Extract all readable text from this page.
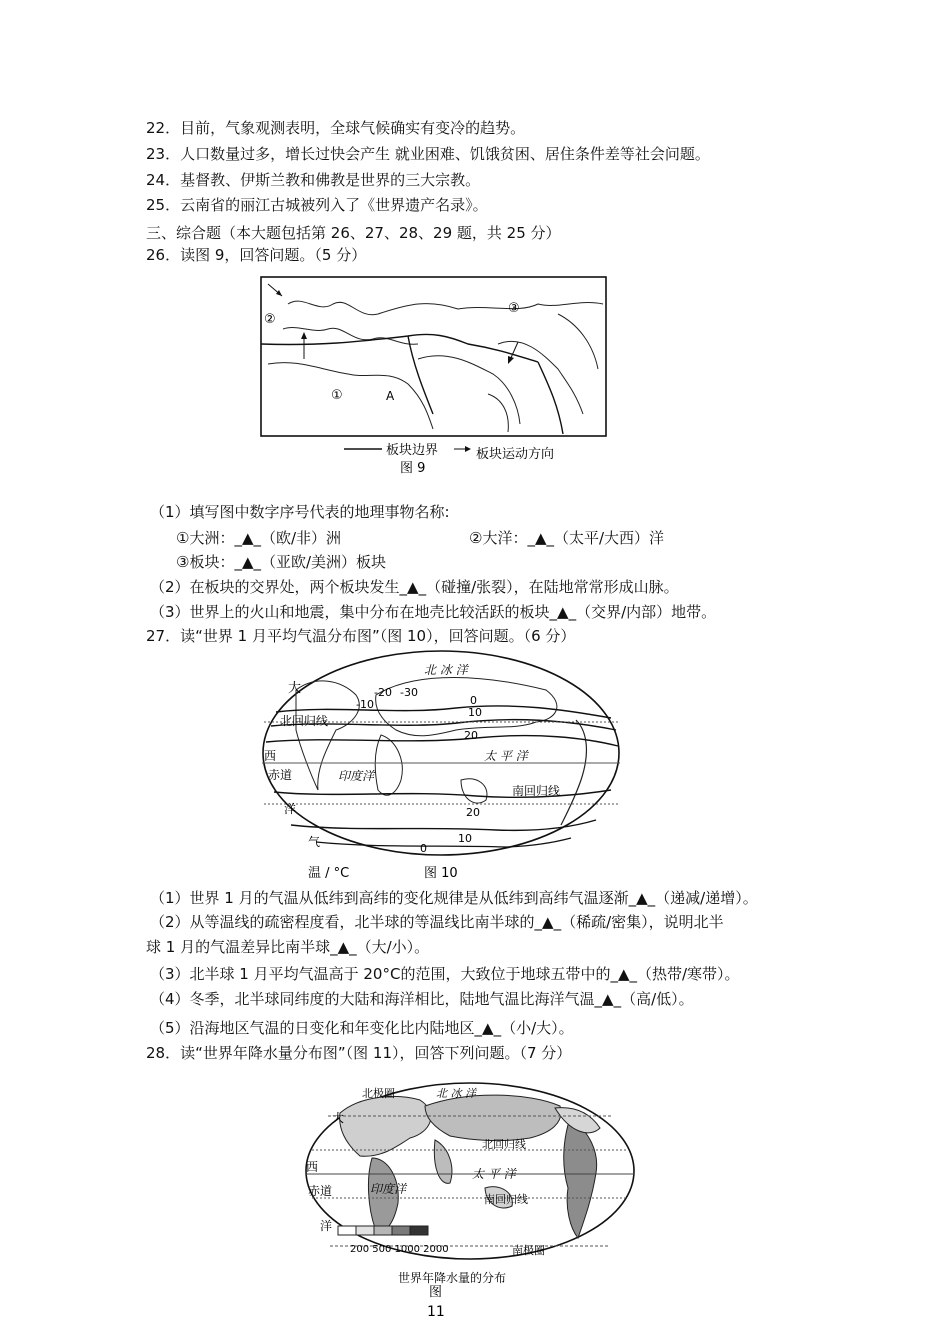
22．目前，气象观测表明，全球气候确实有变冷的趋势。
23．人口数量过多，增长过快会产生 就业困难、饥饿贫困、居住条件差等社会问题。
24．基督教、伊斯兰教和佛教是世界的三大宗教。
25．云南省的丽江古城被列入了《世界遗产名录》。
三、综合题（本大题包括第 26、27、28、29 题，共 25 分）
26．读图 9，回答问题。（5 分）
②
③
①	A
板块边界	板块运动方向
图 9
（1）填写图中数字序号代表的地理事物名称:
①大洲：_▲_（欧/非）洲	②大洋：_▲_（太平/大西）洋
③板块：_▲_（亚欧/美洲）板块
（2）在板块的交界处，两个板块发生_▲_（碰撞/张裂），在陆地常常形成山脉。
（3）世界上的火山和地震，集中分布在地壳比较活跃的板块_▲_（交界/内部）地带。
27．读“世界 1 月平均气温分布图”（图 10），回答问题。（6 分）
北 冰 洋
大	-20 -30
-10	0
10
20
北回归线
西	太 平 洋
赤道	印度洋
南回归线
洋	20
10
气	0
温 / °C	图 10
（1）世界 1 月的气温从低纬到高纬的变化规律是从低纬到高纬气温逐渐_▲_（递减/递增）。
（2）从等温线的疏密程度看，北半球的等温线比南半球的_▲_（稀疏/密集），说明北半
球 1 月的气温差异比南半球_▲_（大/小）。
（3）北半球 1 月平均气温高于 20°C的范围，大致位于地球五带中的_▲_（热带/寒带）。
（4）冬季，北半球同纬度的大陆和海洋相比，陆地气温比海洋气温_▲_（高/低）。
（5）沿海地区气温的日变化和年变化比内陆地区_▲_（小/大）。
28．读“世界年降水量分布图”（图 11），回答下列问题。（7 分）
北极圈	北 冰 洋
大
北回归线
西	太 平 洋
赤道	印度洋
南回归线
洋
200 500 1000 2000	南极圈
世界年降水量的分布
图
11
